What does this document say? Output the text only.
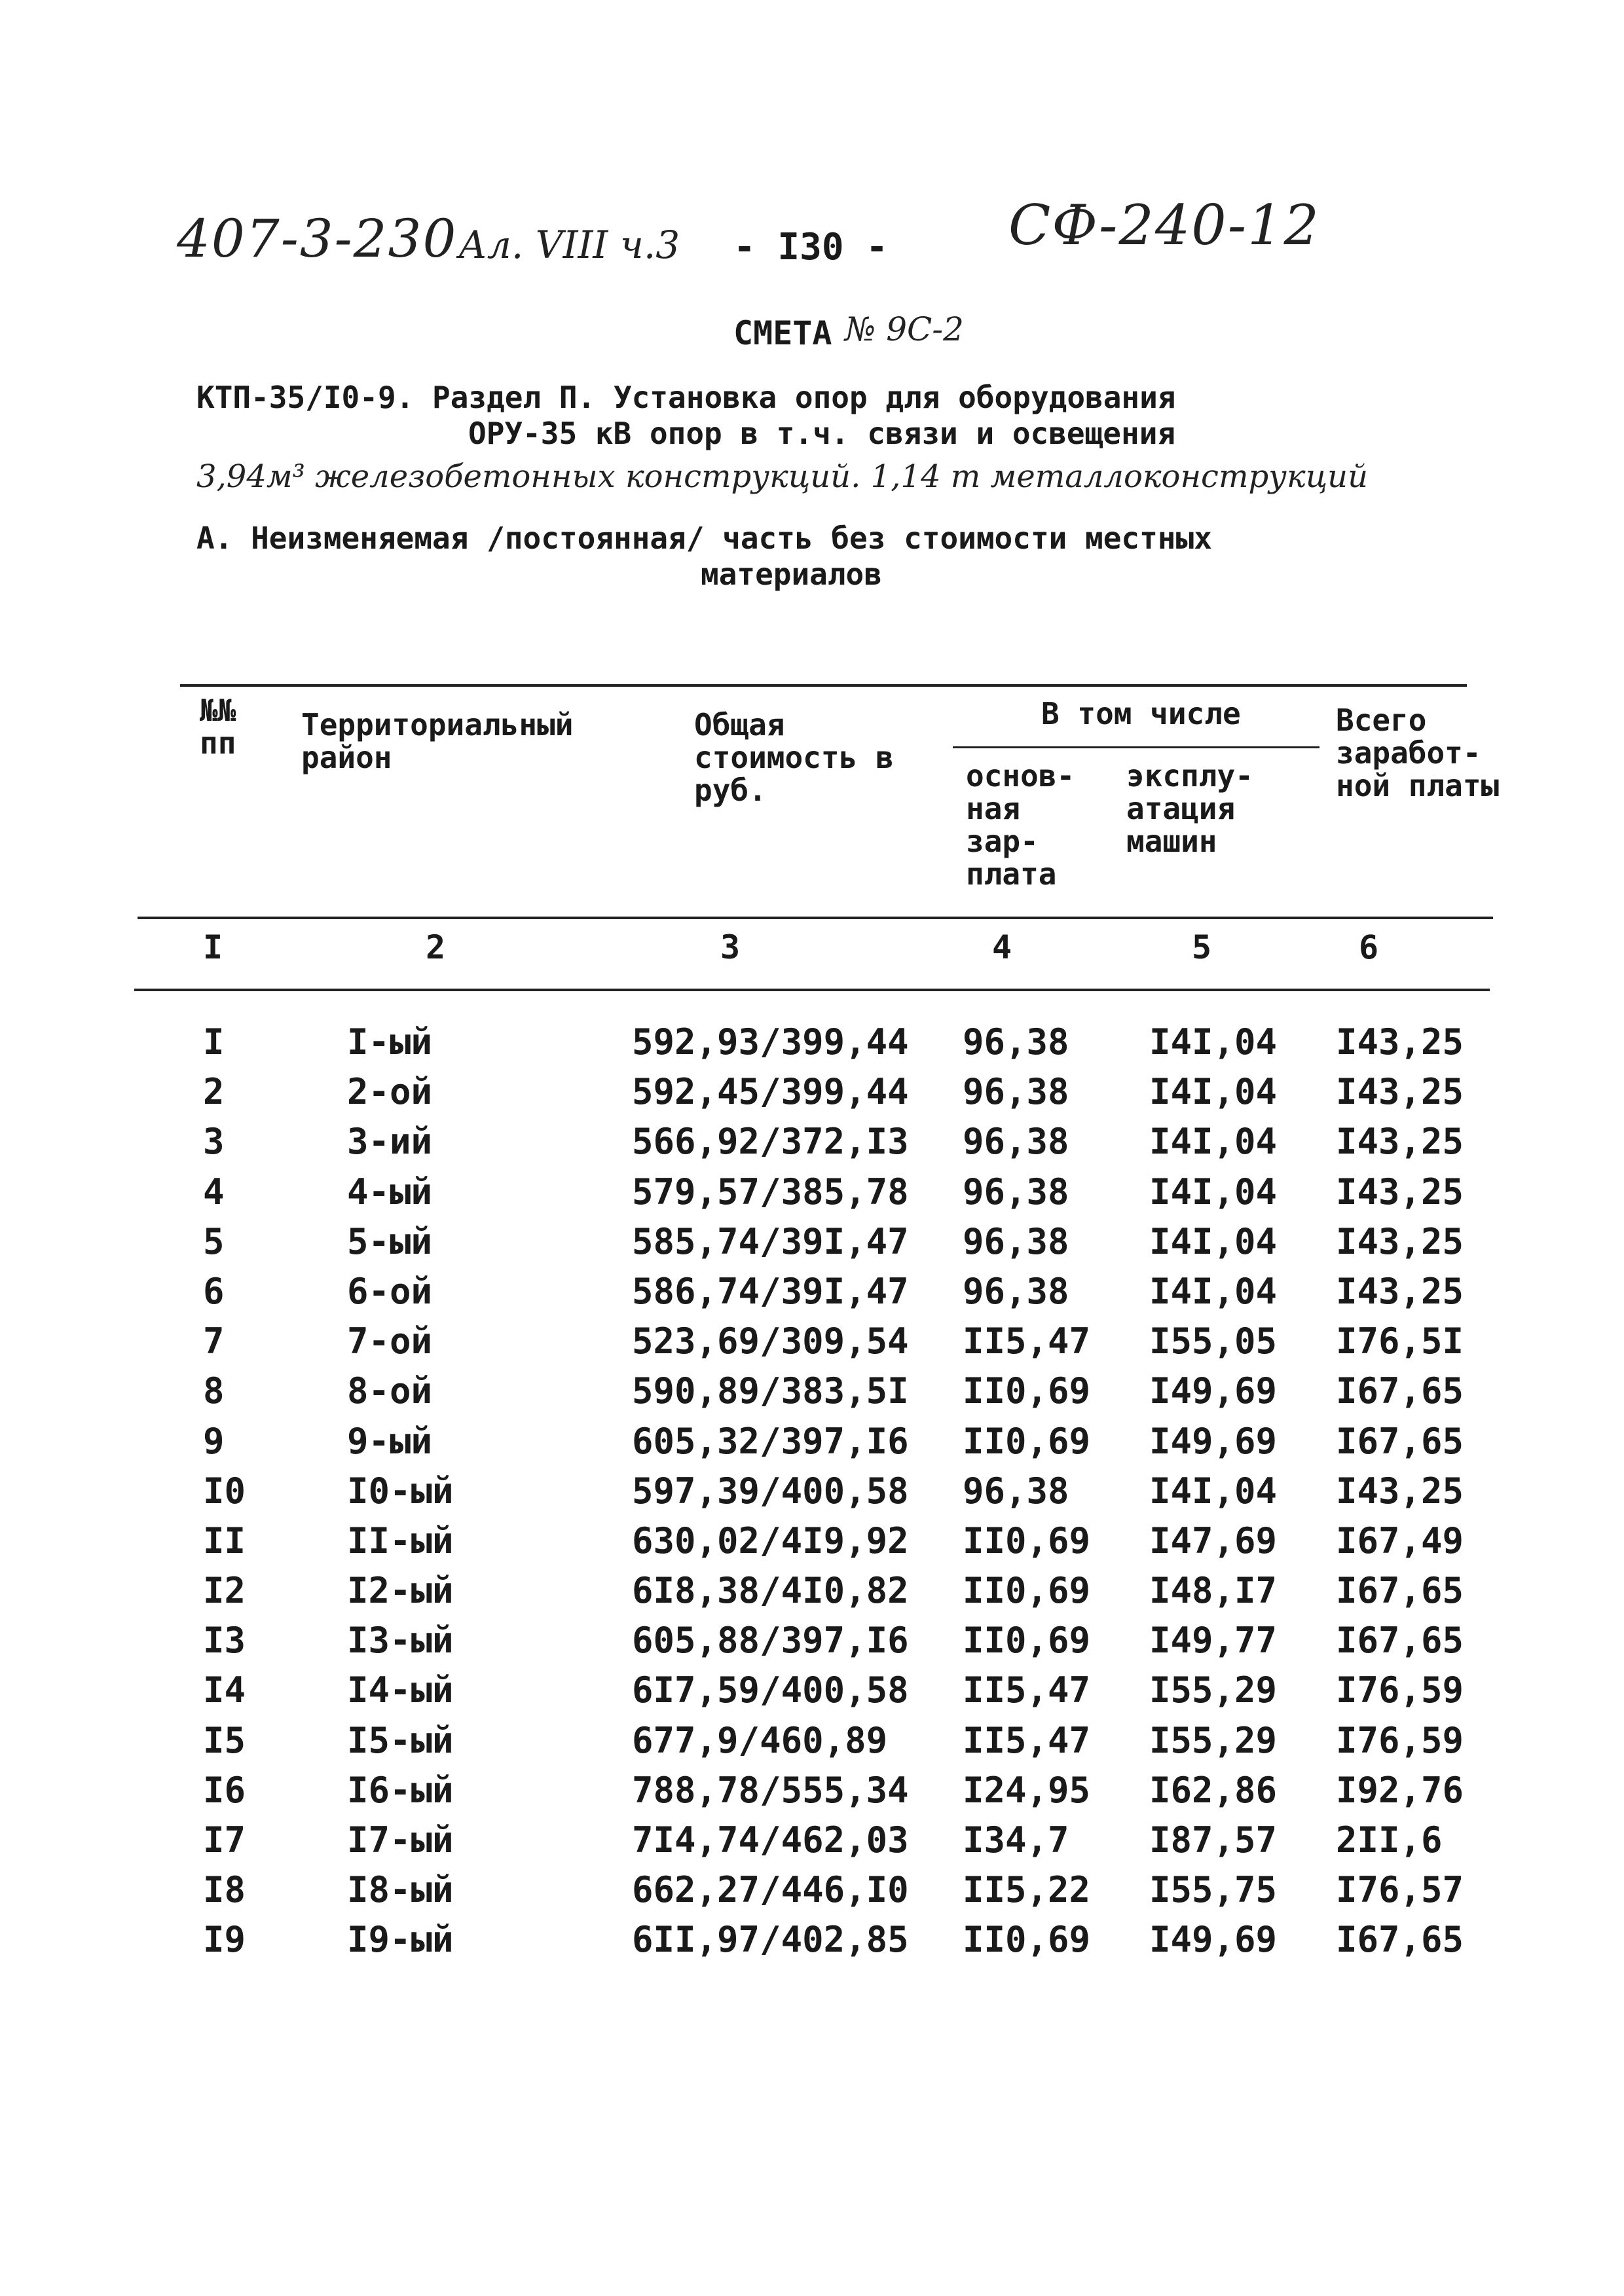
407-3-230 Ал. VIII ч.3 - I30 - СФ-240-12
СМЕТА № 9С-2
КТП-35/I0-9. Раздел П. Установка опор для оборудования
ОРУ-35 кВ опор в т.ч. связи и освещения
3,94м³ железобетонных конструкций. 1,14 т металлоконструкций
А. Неизменяемая /постоянная/ часть без стоимости местных
материалов
№№ пп
Территориальный район
Общая стоимость в руб.
В том числе
основ- ная зар- плата
эксплу- атация машин
Всего заработ- ной платы
I	2	3	4	5	6
I	I-ый	592,93/399,44 96,38 I4I,04 I43,25
2	2-ой	592,45/399,44 96,38 I4I,04 I43,25
3	3-ий	566,92/372,I3 96,38 I4I,04 I43,25
4	4-ый	579,57/385,78 96,38 I4I,04 I43,25
5	5-ый	585,74/39I,47 96,38 I4I,04 I43,25
6	6-ой	586,74/39I,47 96,38 I4I,04 I43,25
7	7-ой	523,69/309,54 II5,47 I55,05 I76,5I
8	8-ой	590,89/383,5I II0,69 I49,69 I67,65
9	9-ый	605,32/397,I6 II0,69 I49,69 I67,65
I0	I0-ый	597,39/400,58 96,38 I4I,04 I43,25
II	II-ый	630,02/4I9,92 II0,69 I47,69 I67,49
I2	I2-ый	6I8,38/4I0,82 II0,69 I48,I7 I67,65
I3	I3-ый	605,88/397,I6 II0,69 I49,77 I67,65
I4	I4-ый	6I7,59/400,58 II5,47 I55,29 I76,59
I5	I5-ый	677,9/460,89 II5,47 I55,29 I76,59
I6	I6-ый	788,78/555,34 I24,95 I62,86 I92,76
I7	I7-ый	7I4,74/462,03 I34,7 I87,57 2II,6
I8	I8-ый	662,27/446,I0 II5,22 I55,75 I76,57
I9	I9-ый	6II,97/402,85 II0,69 I49,69 I67,65
